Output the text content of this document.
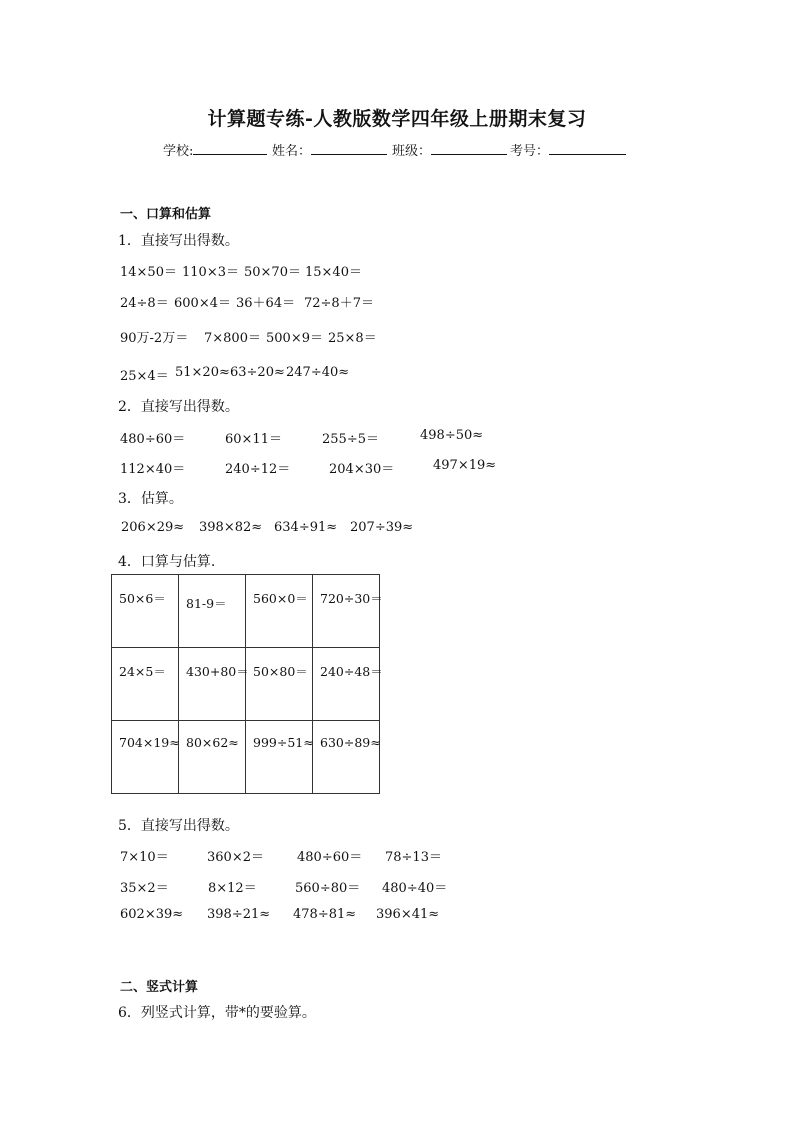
计算题专练-人教版数学四年级上册期末复习
学校:	姓名：	班级：	考号：
一、口算和估算
1．直接写出得数。
14×50＝ 110×3＝ 50×70＝ 15×40＝
24÷8＝ 600×4＝ 36＋64＝ 72÷8＋7＝
90万-2万＝ 7×800＝ 500×9＝ 25×8＝
25×4＝ 51×20≈ 63÷20≈ 247÷40≈
2．直接写出得数。
480÷60＝	60×11＝	255÷5＝	498÷50≈
112×40＝	240÷12＝	204×30＝	497×19≈
3．估算。
206×29≈ 398×82≈ 634÷91≈ 207÷39≈
4．口算与估算.
50×6＝	81-9＝	560×0＝	720÷30＝

24×5＝	430+80＝	50×80＝	240÷48＝

704×19≈	80×62≈	999÷51≈	630÷89≈
5．直接写出得数。
7×10＝	360×2＝	480÷60＝ 78÷13＝
35×2＝	8×12＝	560÷80＝ 480÷40＝
602×39≈ 398÷21≈ 478÷81≈ 396×41≈
二、竖式计算
6．列竖式计算，带*的要验算。
